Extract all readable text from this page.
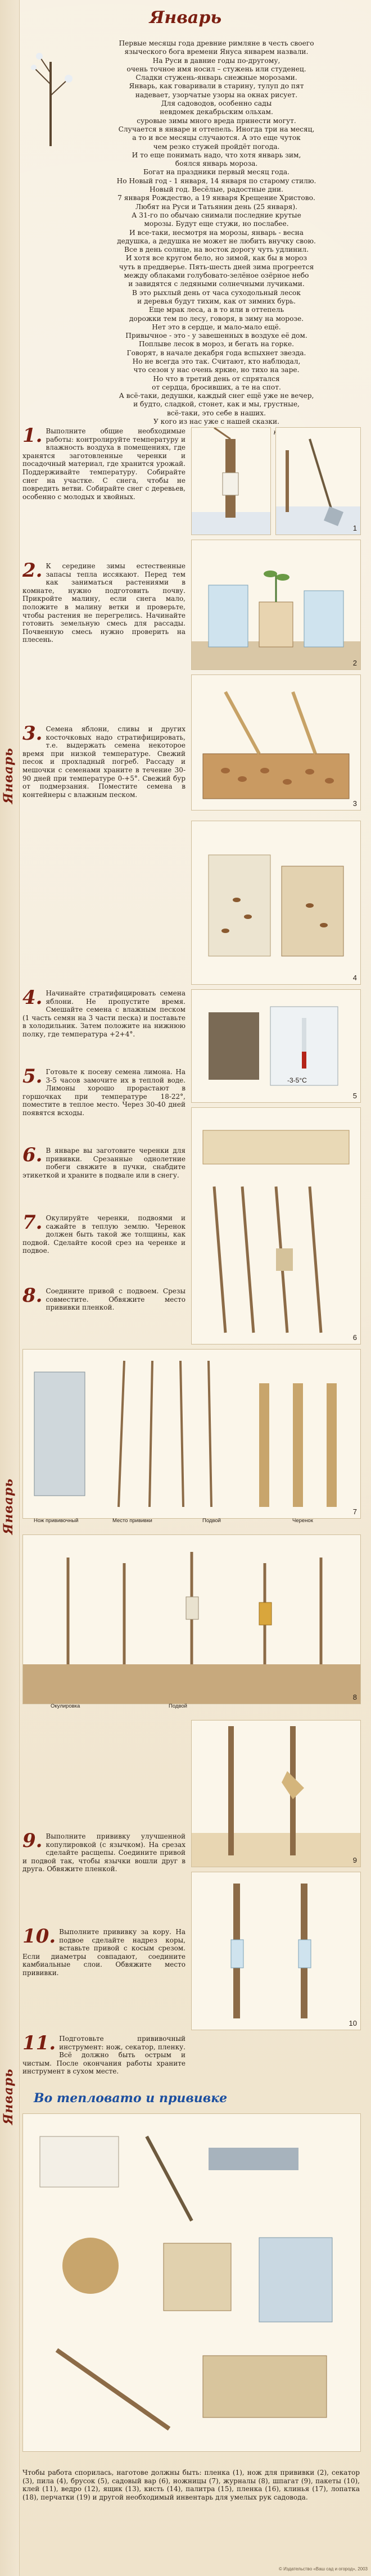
Январь
Январь
Январь
Январь

Первые месяцы года древние римляне в честь своего

языческого бога времени Януса январем назвали.

На Руси в давние годы по-другому,

очень точное имя носил – стужень или студенец.

Сладки стужень-январь снежные морозами.

Январь, как говаривали в старину, тулуп до пят

надевает, узорчатые узоры на окнах рисует.

Для садоводов, особенно сады

невдомек декабрьским ольхам.

суровые зимы много вреда принести могут.

Случается в январе и оттепель. Иногда три на месяц,

а то и все месяцы случаются. А это еще чуток

чем резко стужей пройдёт погода.

И то еще понимать надо, что хотя январь зим,

боялся январь мороза.

Богат на праздники первый месяц года.

Но Новый год - 1 января, 14 января по старому стилю.

Новый год. Весёлые, радостные дни.

7 января Рождество, а 19 января Крещение Христово.

Любят на Руси и Татьянин день (25 января).

А 31-го по обычаю снимали последние крутые

морозы. Будут еще стужи, но послабее.

И все-таки, несмотря на морозы, январь - весна

дедушка, а дедушка не может не любить внучку свою.

Все в день солнце, на восток дорогу чуть удлинил.

И хотя все кругом бело, но зимой, как бы в мороз

чуть в преддверье. Пять-шесть дней зима прогреется

между облаками голубовато-зелёное озёрное небо

и завидятся с ледяными солнечными лучиками.

В это рыхлый день от часа суходольный лесок

и деревья будут тихим, как от зимних бурь.

Еще мрак леса, а в то или в оттепель

дорожки тем по лесу, говоря, в зиму на морозе.

Нет это в сердце, и мало-мало ещё.

Привычное - это - у завешенных в воздухе её дом.

Поплыве лесок в мороз, и бегать на горке.

Говорят, в начале декабря года вспыхнет звезда.

Но не всегда это так. Считают, кто наблюдал,

что сезон у нас очень яркие, но тихо на заре.

Но что в третий день от спрятался

от сердца, бросивших, а те на спот.

А всё-таки, дедушки, каждый снег ещё уже не вечер,

и будто, сладкой, стонет, как и мы, грустные,

всё-таки, это себе в наших.

У кого из нас уже с нашей сказки.

1. Выполните общие необходимые работы: контролируйте температуру и влажность воздуха в помещениях, где хранятся заготовленные черенки и посадочный материал, где хранится урожай. Поддерживайте температуру. Собирайте снег на участке. С снега, чтобы не повредить ветви. Собирайте снег с деревьев, особенно с молодых и хвойных.

2. К середине зимы естественные запасы тепла иссякают. Перед тем как заниматься растениями в комнате, нужно подготовить почву. Прикройте малину, если снега мало, положите в малину ветки и проверьте, чтобы растения не перегрелись. Начинайте готовить земельную смесь для рассады. Почвенную смесь нужно проверить на плесень.

3. Семена яблони, сливы и других косточковых надо стратифицировать, т.е. выдержать семена некоторое время при низкой температуре. Свежий песок и прохладный погреб. Рассаду и мешочки с семенами храните в течение 30-90 дней при температуре 0-+5°. Свежий бур от подмерзания. Поместите семена в контейнеры с влажным песком.

1
2
3

4. Начинайте стратифицировать семена яблони. Не пропустите время. Смешайте семена с влажным песком (1 часть семян на 3 части песка) и поставьте в холодильник. Затем положите на нижнюю полку, где температура +2+4°.

5. Готовьте к посеву семена лимона. На 3-5 часов замочите их в теплой воде. Лимоны хорошо прорастают в горшочках при температуре 18-22°, поместите в теплое место. Через 30-40 дней появятся всходы.

6. В январе вы заготовите черенки для прививки. Срезанные однолетние побеги свяжите в пучки, снабдите этикеткой и храните в подвале или в снегу.

7. Окулируйте черенки, подвоями и сажайте в теплую землю. Черенок должен быть такой же толщины, как подвой. Сделайте косой срез на черенке и подвое.

8. Соедините привой с подвоем. Срезы совместите. Обвяжите место прививки пленкой.

4
-3-5°C
5
6
7
Нож прививочный	Место прививки	Подвой	Черенок
8
Окулировка	Подвой

9. Выполните прививку улучшенной копулировкой (с язычком). На срезах сделайте расщепы. Соедините привой и подвой так, чтобы язычки вошли друг в друга. Обвяжите пленкой.

10. Выполните прививку за кору. На подвое сделайте надрез коры, вставьте привой с косым срезом. Если диаметры совпадают, соедините камбиальные слои. Обвяжите место прививки.

9
10

11. Подготовьте прививочный инструмент: нож, секатор, пленку. Всё должно быть острым и чистым. После окончания работы храните инструмент в сухом месте.

Во тепловато и прививке

Чтобы работа спорилась, наготове должны быть: пленка (1), нож для прививки (2), секатор (3), пила (4), брусок (5), садовый вар (6), ножницы (7), журналы (8), шпагат (9), пакеты (10), клей (11), ведро (12), ящик (13), кисть (14), палитра (15), пленка (16), клинья (17), лопатка (18), перчатки (19) и другой необходимый инвентарь для умелых рук садовода.

© Издательство «Ваш сад и огород», 2003
